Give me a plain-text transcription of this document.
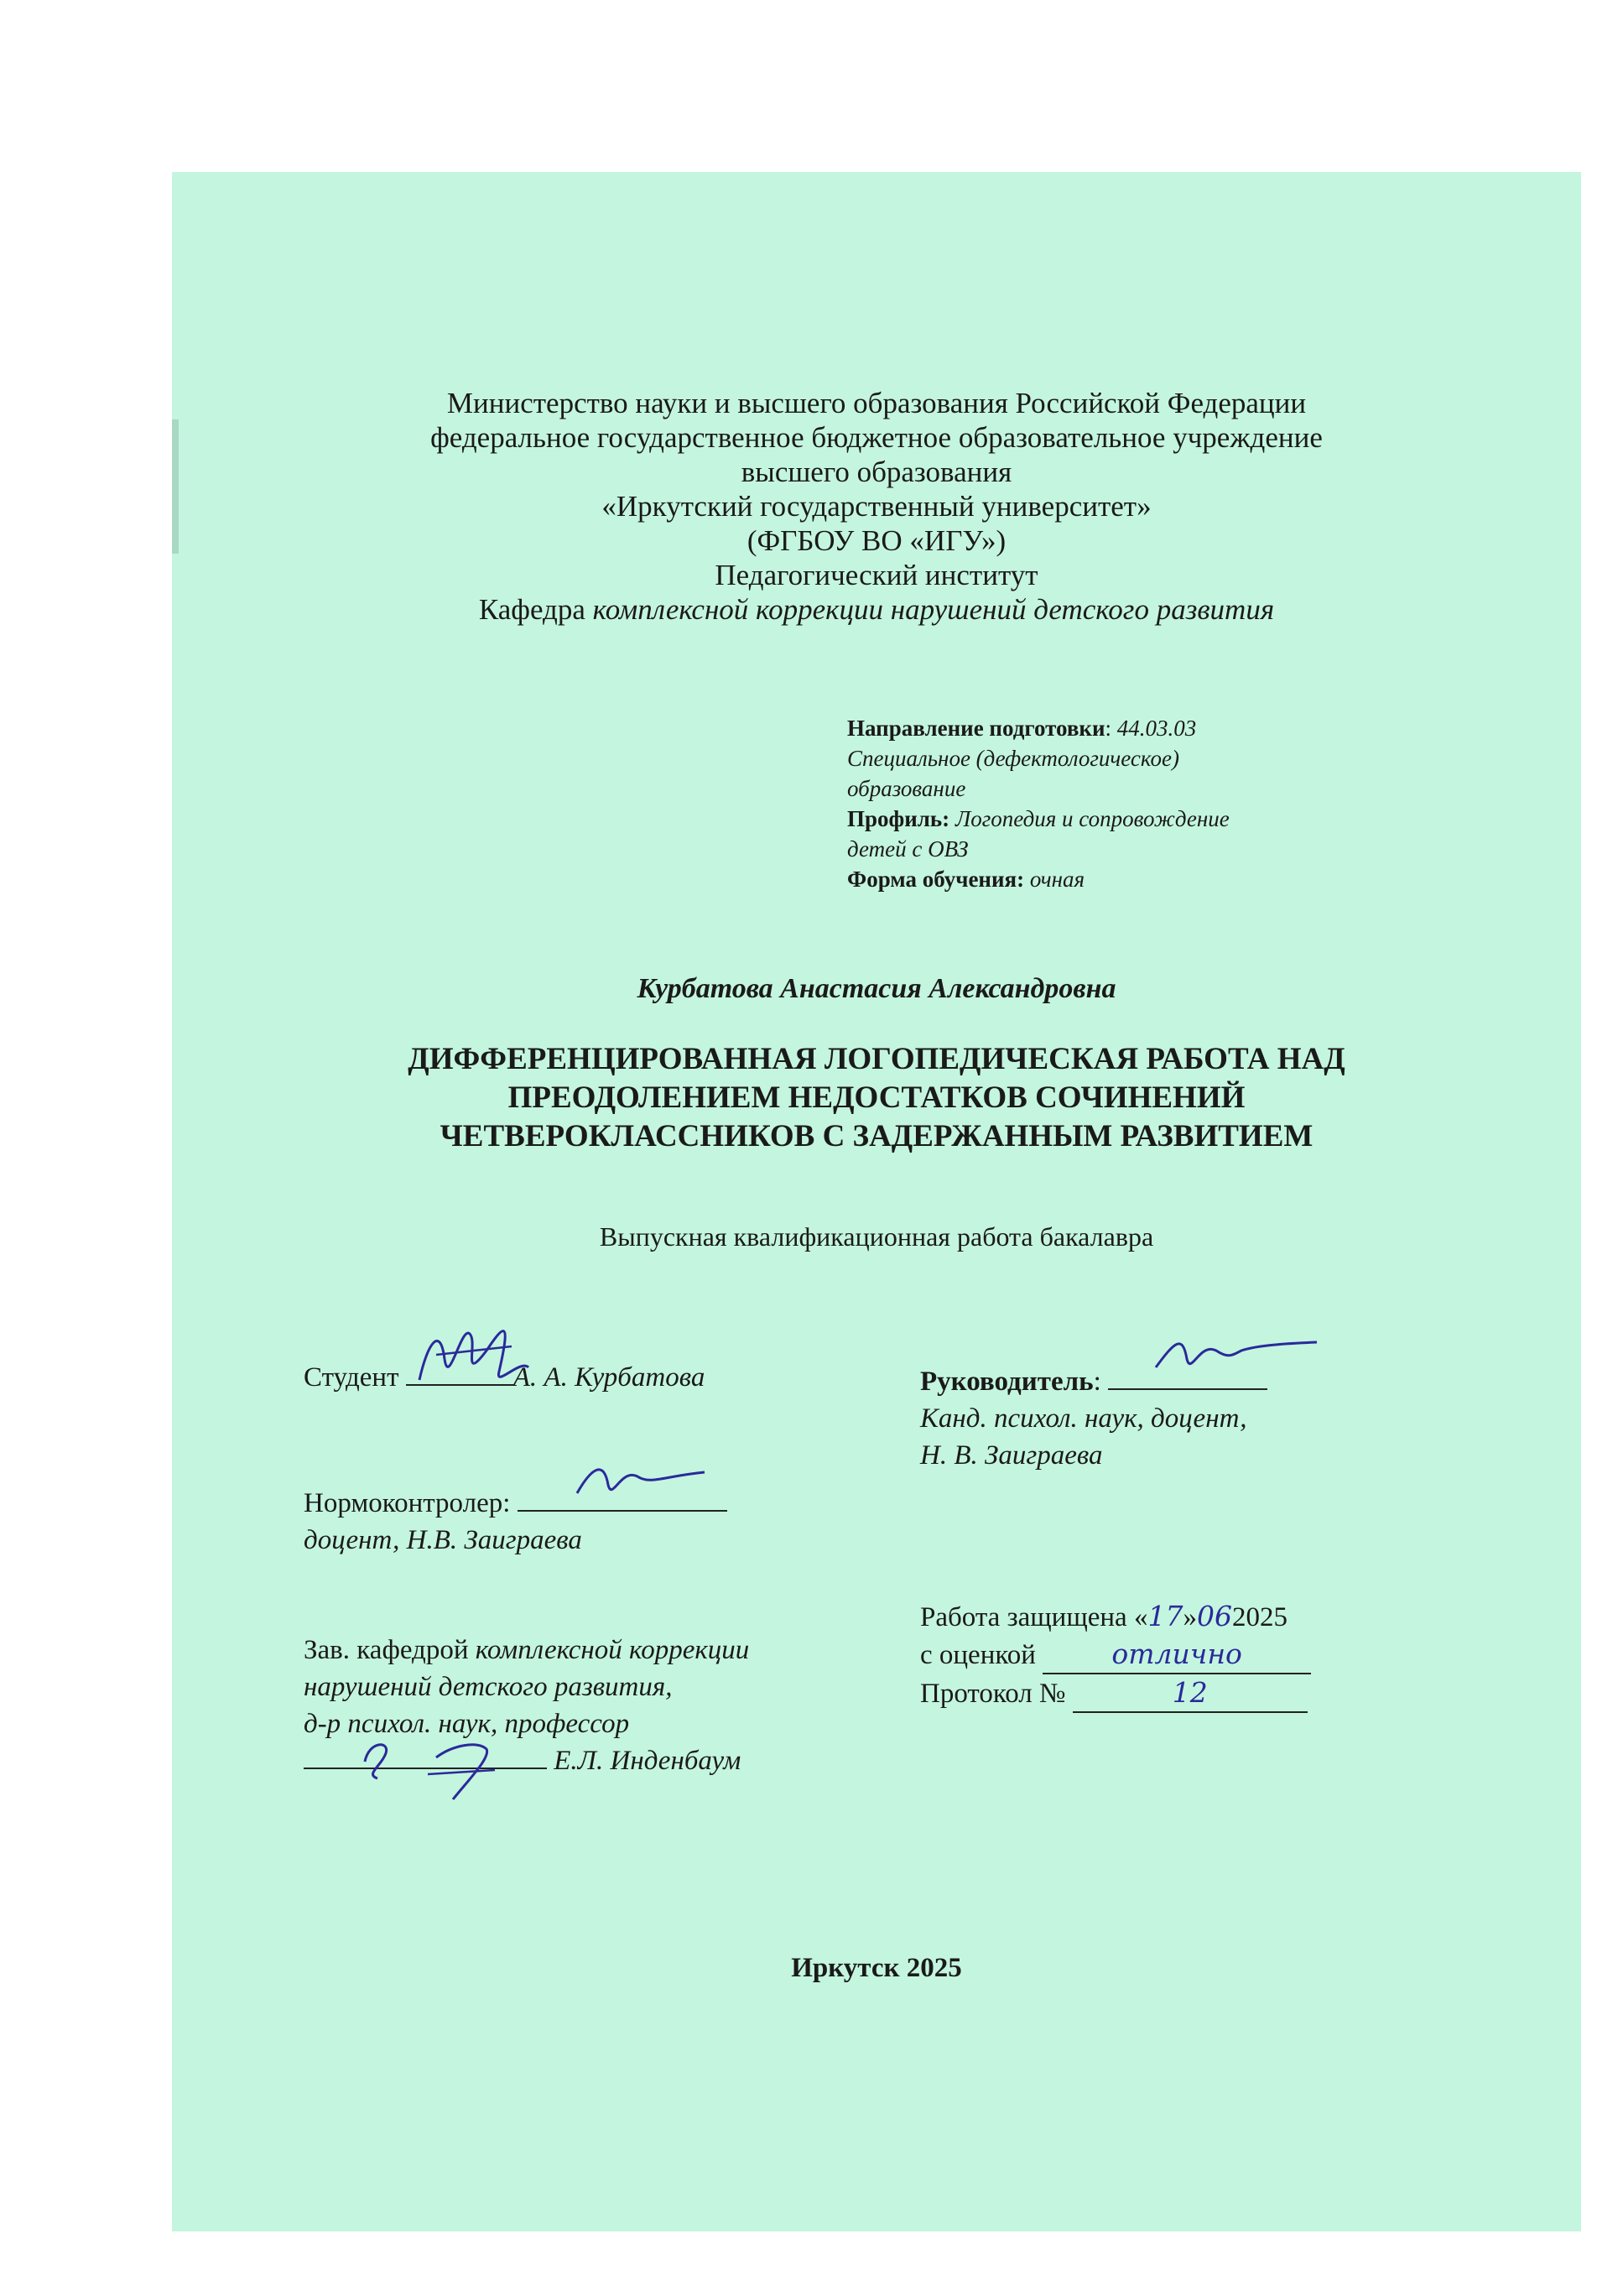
Министерство науки и высшего образования Российской Федерации
федеральное государственное бюджетное образовательное учреждение
высшего образования
«Иркутский государственный университет»
(ФГБОУ ВО «ИГУ»)
Педагогический институт
Кафедра комплексной коррекции нарушений детского развития
Направление подготовки: 44.03.03
Специальное (дефектологическое)
образование
Профиль: Логопедия и сопровождение
детей с ОВЗ
Форма обучения: очная
Курбатова Анастасия Александровна
ДИФФЕРЕНЦИРОВАННАЯ ЛОГОПЕДИЧЕСКАЯ РАБОТА НАД
ПРЕОДОЛЕНИЕМ НЕДОСТАТКОВ СОЧИНЕНИЙ
ЧЕТВЕРОКЛАССНИКОВ С ЗАДЕРЖАННЫМ РАЗВИТИЕМ
Выпускная квалификационная работа бакалавра
Студент	А. А. Курбатова	Руководитель:
Канд. психол. наук, доцент,
Н. В. Заиграева
Нормоконтролер:
доцент, Н.В. Заиграева
Работа защищена «17»062025
с оценкой	отлично
Протокол №	12
Зав. кафедрой комплексной коррекции
нарушений детского развития,
д-р психол. наук, профессор
Е.Л. Инденбаум
Иркутск 2025
